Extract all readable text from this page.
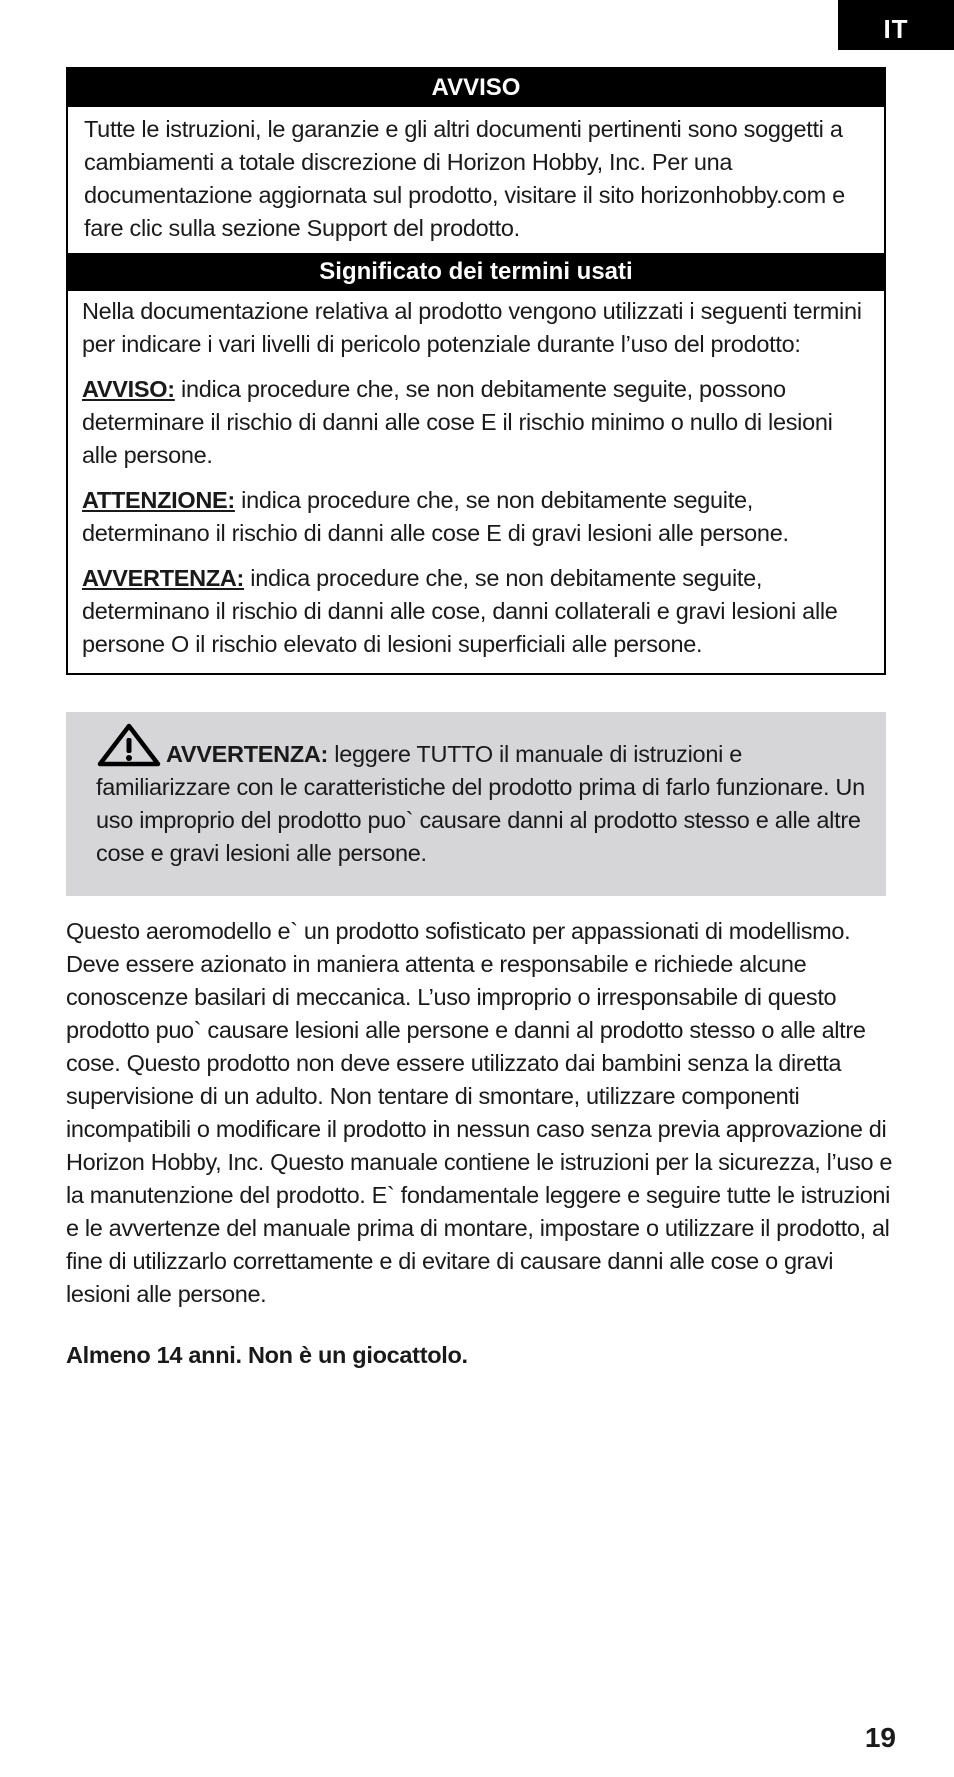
IT
AVVISO
Tutte le istruzioni, le garanzie e gli altri documenti pertinenti sono soggetti a cambiamenti a totale discrezione di Horizon Hobby, Inc. Per una documentazione aggiornata sul prodotto, visitare il sito horizonhobby.com e fare clic sulla sezione Support del prodotto.
Significato dei termini usati

Nella documentazione relativa al prodotto vengono utilizzati i seguenti termini per indicare i vari livelli di pericolo potenziale durante l’uso del prodotto:

AVVISO: indica procedure che, se non debitamente seguite, possono determinare il rischio di danni alle cose E il rischio minimo o nullo di lesioni alle persone.

ATTENZIONE: indica procedure che, se non debitamente seguite, determinano il rischio di danni alle cose E di gravi lesioni alle persone.

AVVERTENZA: indica procedure che, se non debitamente seguite, determinano il rischio di danni alle cose, danni collaterali e gravi lesioni alle persone O il rischio elevato di lesioni superficiali alle persone.

AVVERTENZA: leggere TUTTO il manuale di istruzioni e familiarizzare con le caratteristiche del prodotto prima di farlo funzionare. Un uso improprio del prodotto puo` causare danni al prodotto stesso e alle altre cose e gravi lesioni alle persone.
Questo aeromodello e` un prodotto sofisticato per appassionati di modellismo. Deve essere azionato in maniera attenta e responsabile e richiede alcune conoscenze basilari di meccanica. L’uso improprio o irresponsabile di questo prodotto puo` causare lesioni alle persone e danni al prodotto stesso o alle altre cose. Questo prodotto non deve essere utilizzato dai bambini senza la diretta supervisione di un adulto. Non tentare di smontare, utilizzare componenti incompatibili o modificare il prodotto in nessun caso senza previa approvazione di Horizon Hobby, Inc. Questo manuale contiene le istruzioni per la sicurezza, l’uso e la manutenzione del prodotto. E` fondamentale leggere e seguire tutte le istruzioni e le avvertenze del manuale prima di montare, impostare o utilizzare il prodotto, al fine di utilizzarlo correttamente e di evitare di causare danni alle cose o gravi lesioni alle persone.
Almeno 14 anni. Non è un giocattolo.
19
